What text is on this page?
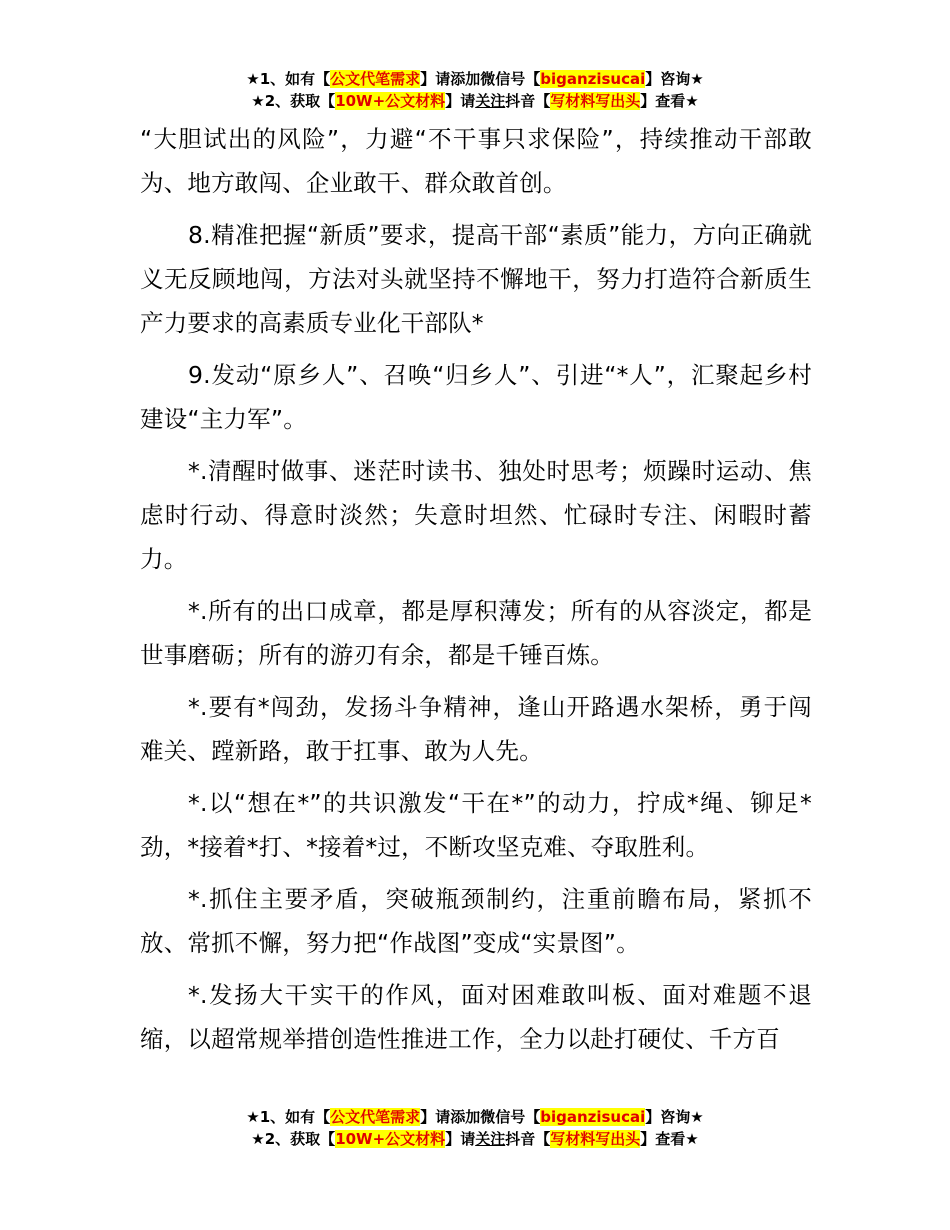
★1、如有【公文代笔需求】请添加微信号【biganzisucai】咨询★
★2、获取【10W+公文材料】请关注抖音【写材料写出头】查看★

“大胆试出的风险”，力避“不干事只求保险”，持续推动干部敢为、地方敢闯、企业敢干、群众敢首创。

8.精准把握“新质”要求，提高干部“素质”能力，方向正确就义无反顾地闯，方法对头就坚持不懈地干，努力打造符合新质生产力要求的高素质专业化干部队*

9.发动“原乡人”、召唤“归乡人”、引进“*人”，汇聚起乡村建设“主力军”。

*.清醒时做事、迷茫时读书、独处时思考；烦躁时运动、焦虑时行动、得意时淡然；失意时坦然、忙碌时专注、闲暇时蓄力。

*.所有的出口成章，都是厚积薄发；所有的从容淡定，都是世事磨砺；所有的游刃有余，都是千锤百炼。

*.要有*闯劲，发扬斗争精神，逢山开路遇水架桥，勇于闯难关、蹚新路，敢于扛事、敢为人先。

*.以“想在*”的共识激发“干在*”的动力，拧成*绳、铆足*劲，*接着*打、*接着*过，不断攻坚克难、夺取胜利。

*.抓住主要矛盾，突破瓶颈制约，注重前瞻布局，紧抓不放、常抓不懈，努力把“作战图”变成“实景图”。

*.发扬大干实干的作风，面对困难敢叫板、面对难题不退缩，以超常规举措创造性推进工作，全力以赴打硬仗、千方百

★1、如有【公文代笔需求】请添加微信号【biganzisucai】咨询★
★2、获取【10W+公文材料】请关注抖音【写材料写出头】查看★
